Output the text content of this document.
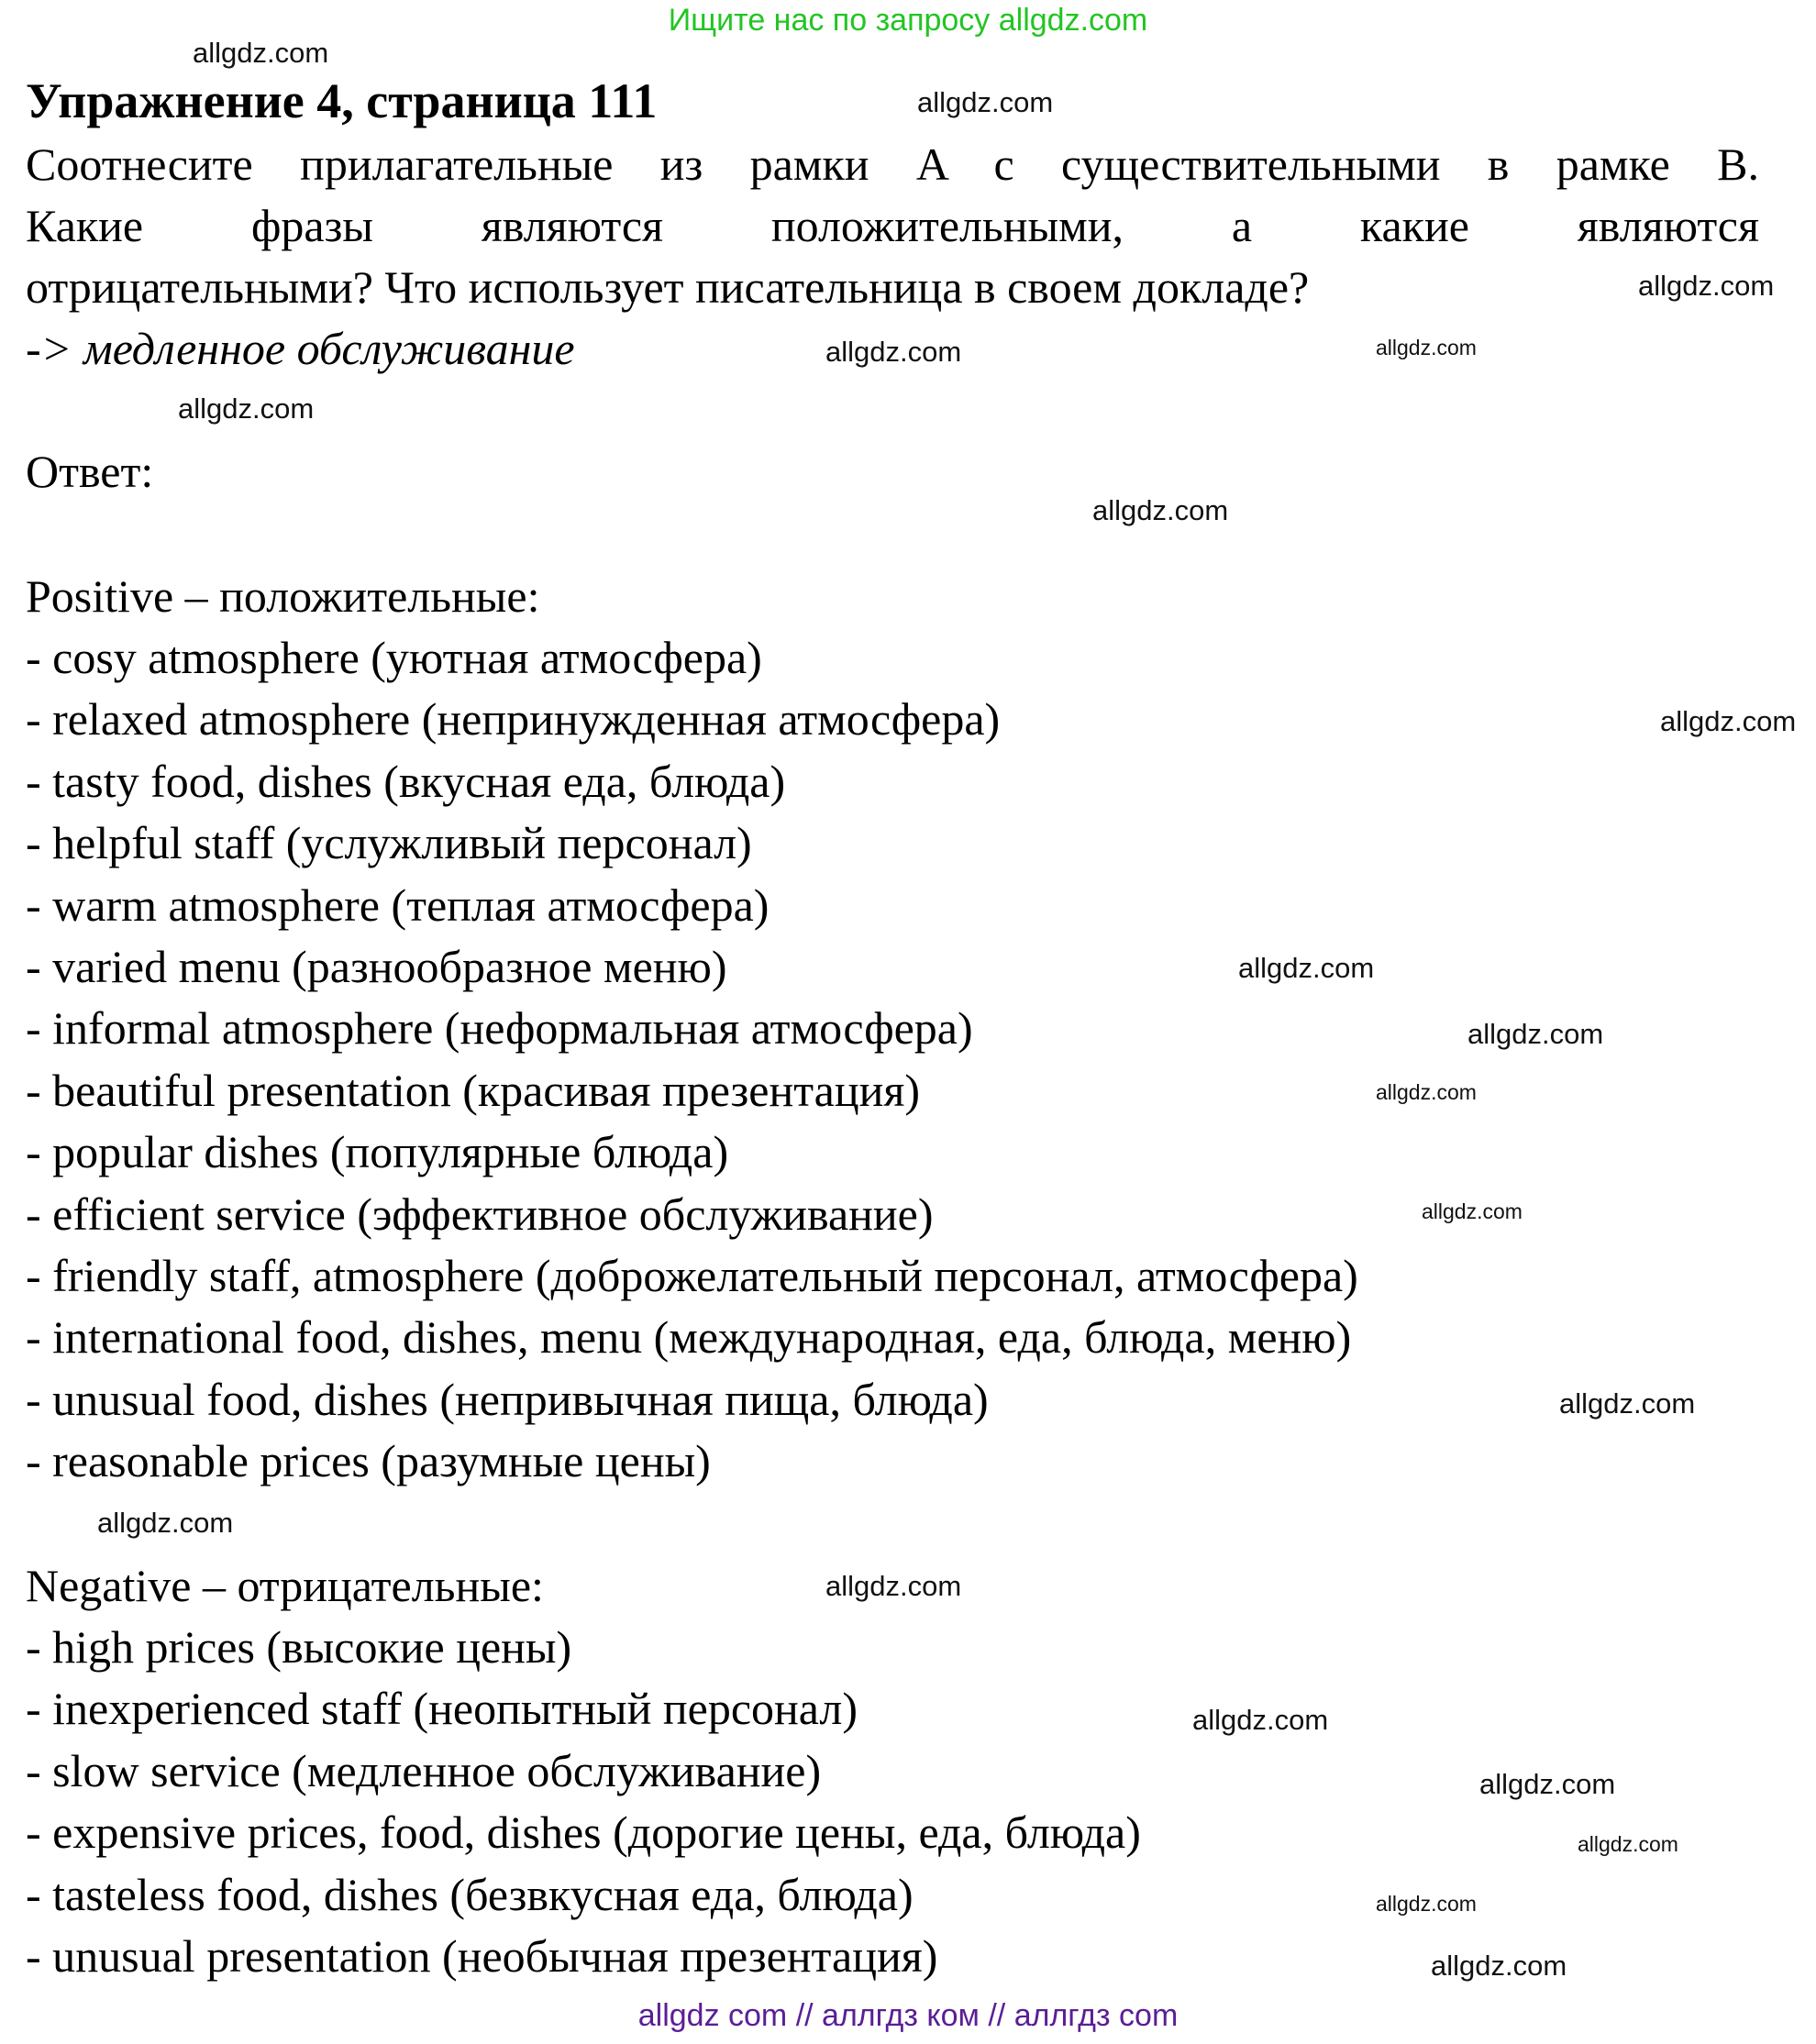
Ищите нас по запросу allgdz.com
Упражнение 4, страница 111
Соотнесите прилагательные из рамки A с существительными в рамке B.
Какие фразы являются положительными, а какие являются
отрицательными? Что использует писательница в своем докладе?
-> медленное обслуживание
Ответ:
Positive – положительные:
- cosy atmosphere (уютная атмосфера)
- relaxed atmosphere (непринужденная атмосфера)
- tasty food, dishes (вкусная еда, блюда)
- helpful staff (услужливый персонал)
- warm atmosphere (теплая атмосфера)
- varied menu (разнообразное меню)
- informal atmosphere (неформальная атмосфера)
- beautiful presentation (красивая презентация)
- popular dishes (популярные блюда)
- efficient service (эффективное обслуживание)
- friendly staff, atmosphere (доброжелательный персонал, атмосфера)
- international food, dishes, menu (международная, еда, блюда, меню)
- unusual food, dishes (непривычная пища, блюда)
- reasonable prices (разумные цены)
Negative – отрицательные:
- high prices (высокие цены)
- inexperienced staff (неопытный персонал)
- slow service (медленное обслуживание)
- expensive prices, food, dishes (дорогие цены, еда, блюда)
- tasteless food, dishes (безвкусная еда, блюда)
- unusual presentation (необычная презентация)
allgdz.com
allgdz.com
allgdz.com
allgdz.com
allgdz.com
allgdz.com
allgdz.com
allgdz.com
allgdz.com
allgdz.com
allgdz.com
allgdz.com
allgdz.com
allgdz.com
allgdz.com
allgdz.com
allgdz.com
allgdz.com
allgdz.com
allgdz.com
allgdz com // аллгдз ком // аллгдз com
